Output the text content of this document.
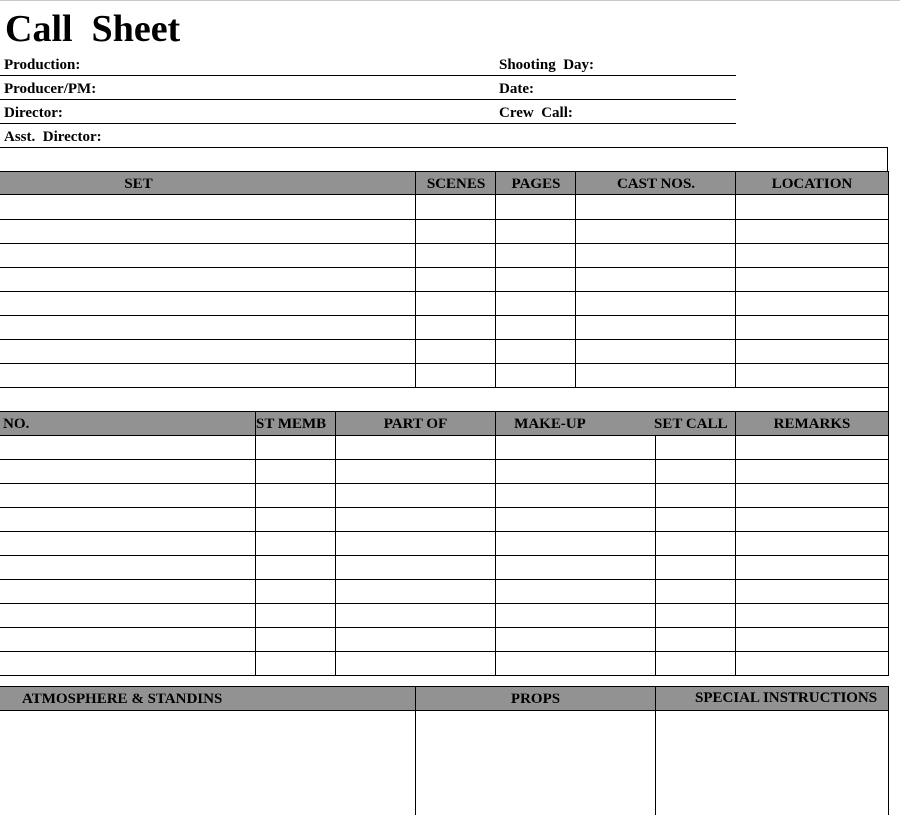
Call  Sheet
Production:
Producer/PM:
Director:
Asst.  Director:
Shooting  Day:
Date:
Crew  Call:
SET	SCENES	PAGES	CAST NOS.	LOCATION
NO.	ST MEMB	PART OF	MAKE-UP	SET CALL	REMARKS
ATMOSPHERE & STANDINS	PROPS	SPECIAL INSTRUCTIONS
